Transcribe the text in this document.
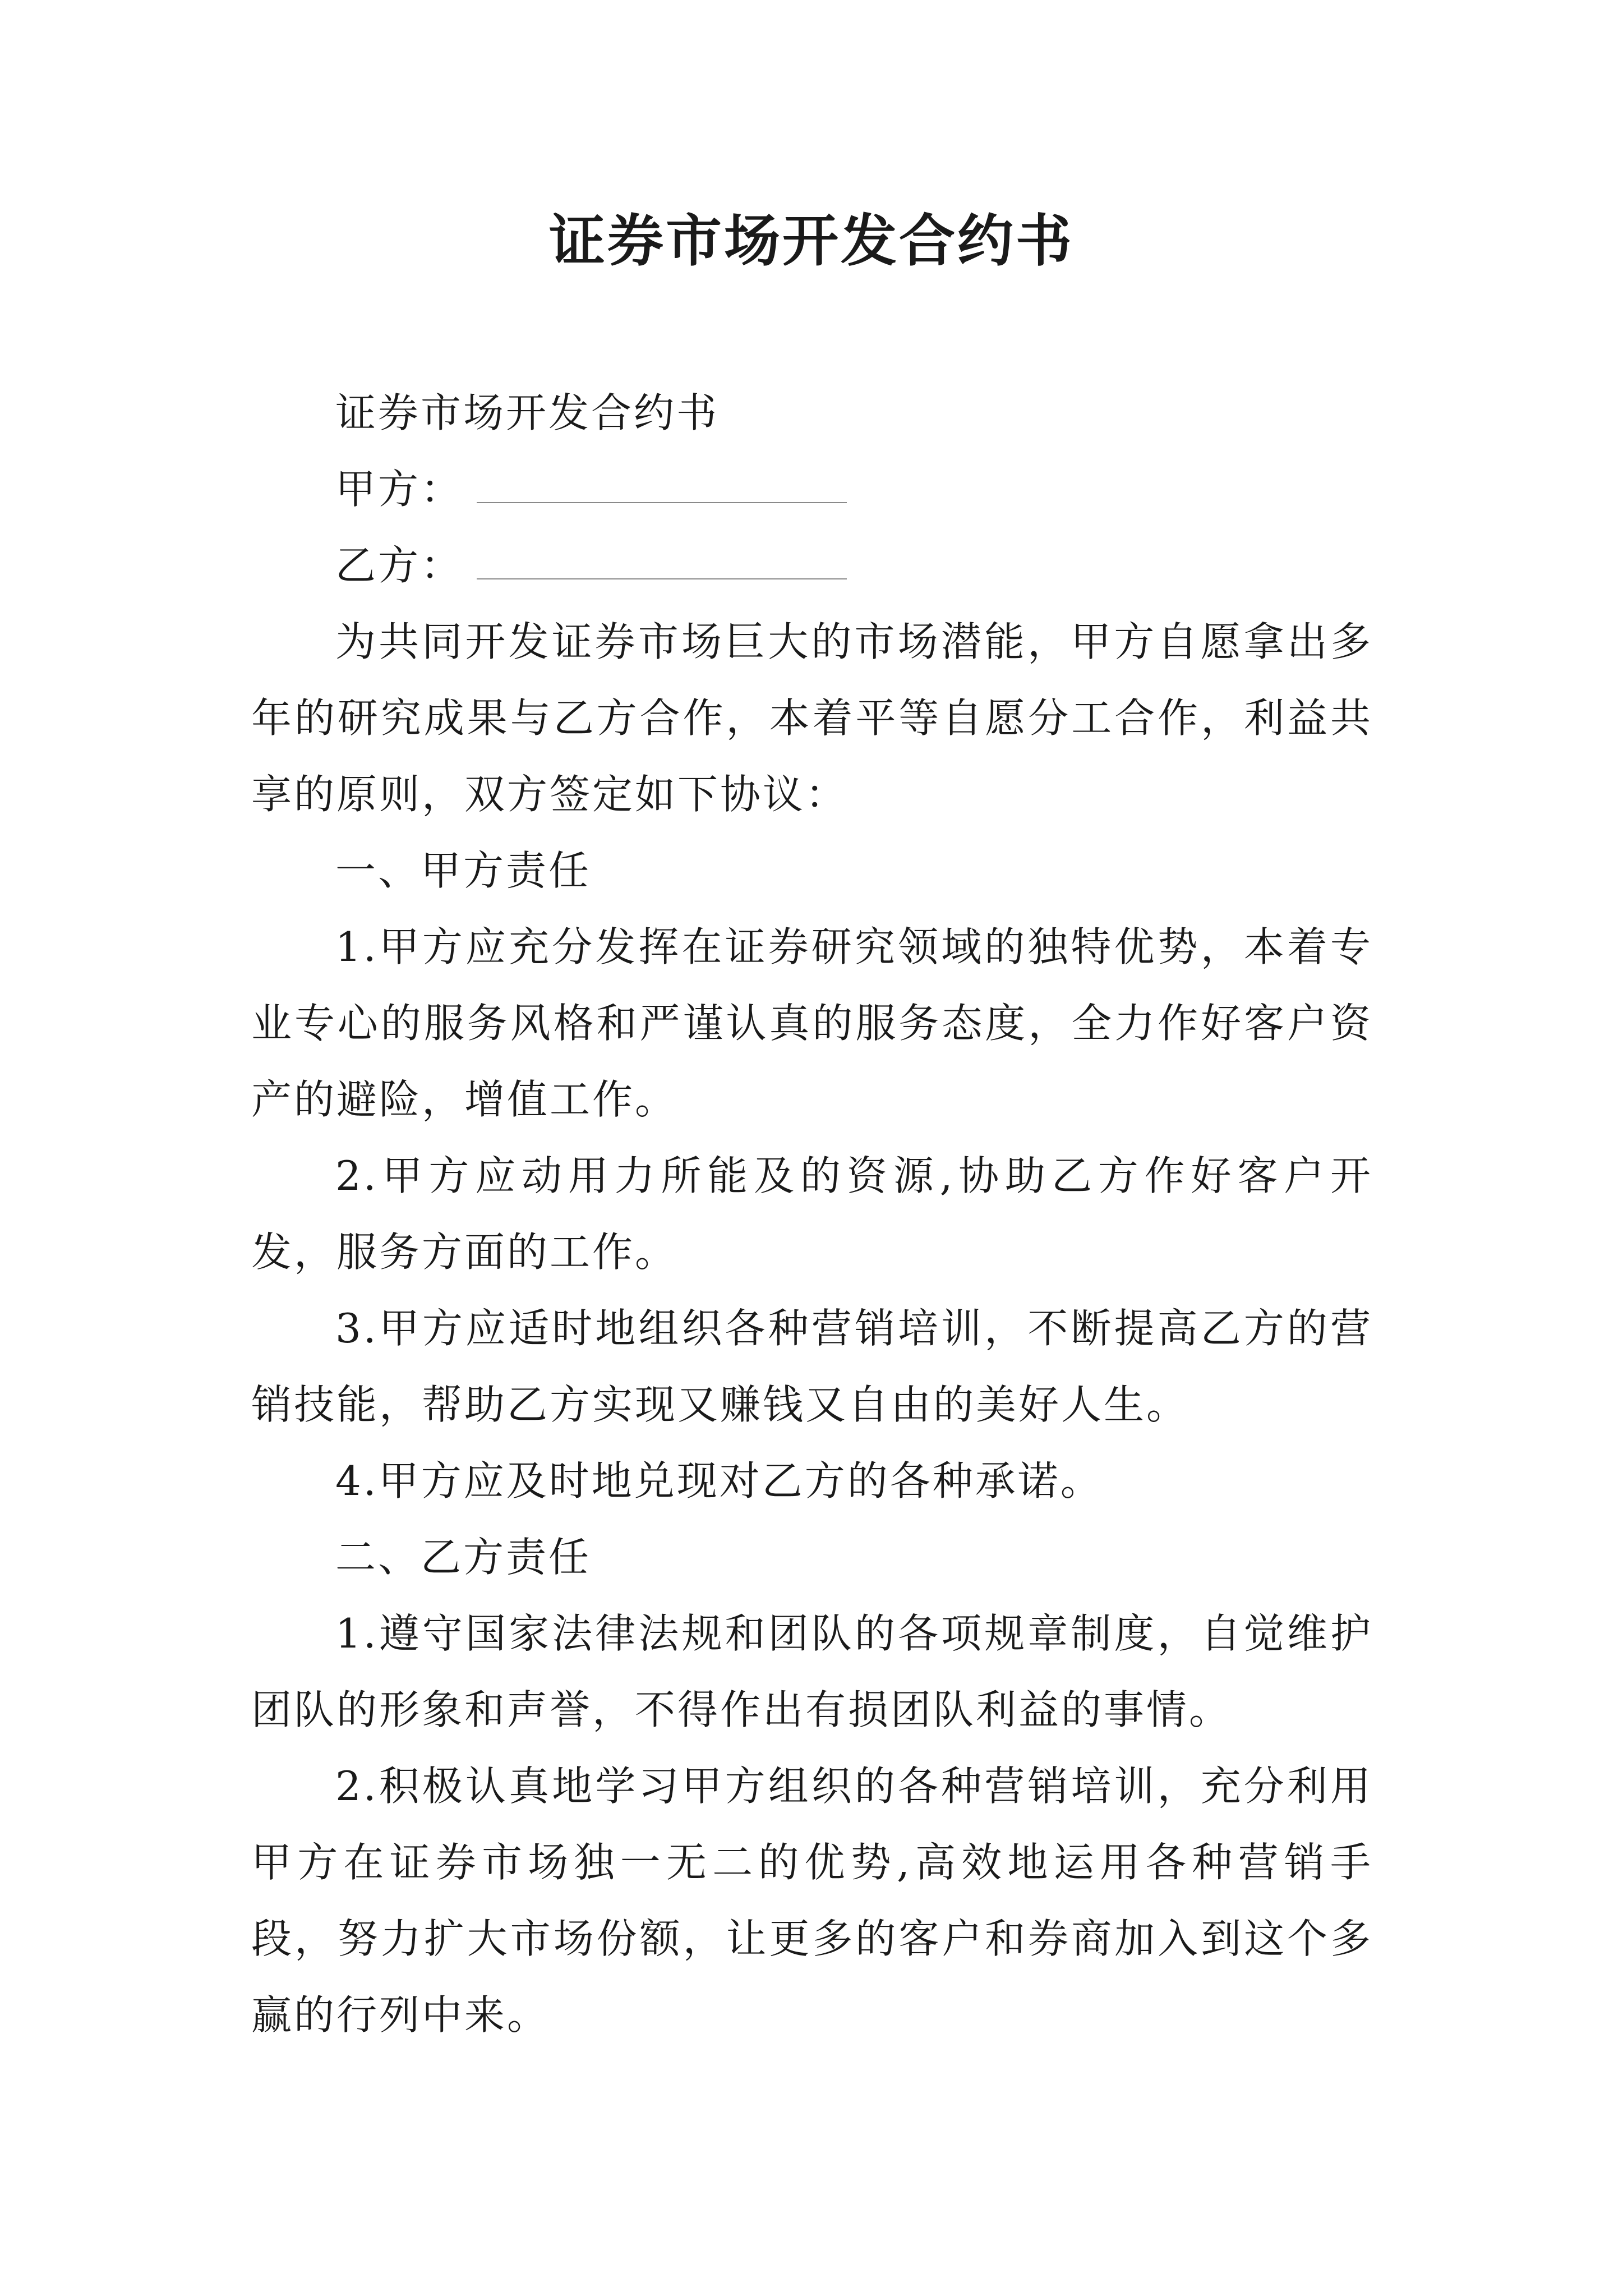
证券市场开发合约书

证券市场开发合约书

甲方：

乙方：

为共同开发证券市场巨大的市场潜能，甲方自愿拿出多年的研究成果与乙方合作，本着平等自愿分工合作，利益共享的原则，双方签定如下协议：

一、甲方责任

1.甲方应充分发挥在证券研究领域的独特优势，本着专业专心的服务风格和严谨认真的服务态度，全力作好客户资产的避险，增值工作。

2.甲方应动用力所能及的资源,协助乙方作好客户开发，服务方面的工作。

3.甲方应适时地组织各种营销培训，不断提高乙方的营销技能，帮助乙方实现又赚钱又自由的美好人生。

4.甲方应及时地兑现对乙方的各种承诺。

二、乙方责任

1.遵守国家法律法规和团队的各项规章制度，自觉维护团队的形象和声誉，不得作出有损团队利益的事情。

2.积极认真地学习甲方组织的各种营销培训，充分利用甲方在证券市场独一无二的优势,高效地运用各种营销手段，努力扩大市场份额，让更多的客户和券商加入到这个多赢的行列中来。
